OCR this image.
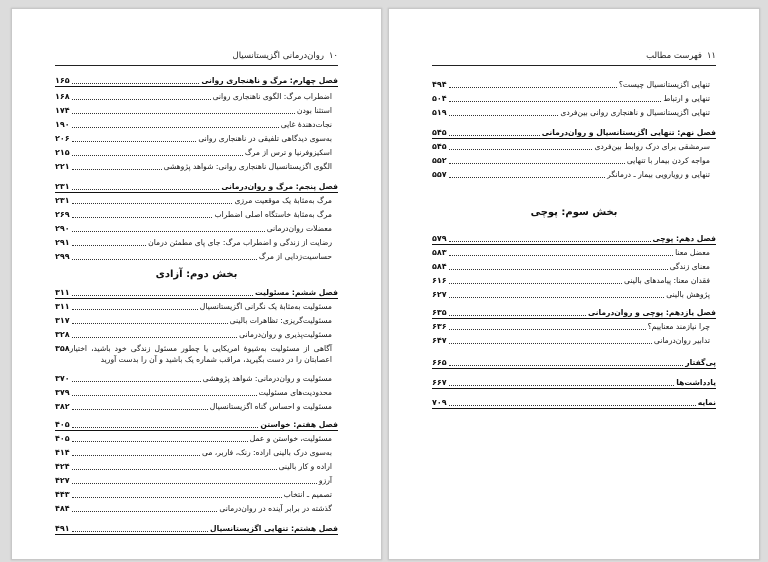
۱۰
روان‌درمانی اگزیستانسیال
فصل چهارم: مرگ و ناهنجاری روانی
۱۶۵
اضطراب مرگ: الگوی ناهنجاری روانی
۱۶۸
استثنا بودن
۱۷۴
نجات‌دهندهٔ غایی
۱۹۰
به‌سوی دیدگاهی تلفیقی در ناهنجاری روانی
۲۰۶
اسکیزوفرنیا و ترس از مرگ
۲۱۵
الگوی اگزیستانسیال ناهنجاری روانی: شواهد پژوهشی
۲۲۱
فصل پنجم: مرگ و روان‌درمانی
۲۳۱
مرگ به‌مثابهٔ یک موقعیت مرزی
۲۳۱
مرگ به‌مثابهٔ خاستگاه اصلی اضطراب
۲۶۹
معضلات روان‌درمانی
۲۹۰
رضایت از زندگی و اضطراب مرگ: جای پای مطمئن درمان
۲۹۱
حساسیت‌زدایی از مرگ
۲۹۹
بخش دوم: آزادی
فصل ششم: مسئولیت
۳۱۱
مسئولیت به‌مثابهٔ یک نگرانی اگزیستانسیال
۳۱۱
مسئولیت‌گریزی: تظاهرات بالینی
۳۱۷
مسئولیت‌پذیری و روان‌درمانی
۳۲۸
۳۵۸ آگاهی از مسئولیت به‌شیوهٔ امریکایی یا چطور مسئول زندگی خود باشید، اختیار اعصابتان را در دست بگیرید، مراقب شماره یک باشید و آن را بدست آورید
مسئولیت و روان‌درمانی: شواهد پژوهشی
۳۷۰
محدودیت‌های مسئولیت
۳۷۹
مسئولیت و احساس گناه اگزیستانسیال
۳۸۲
فصل هفتم: خواستن
۴۰۵
مسئولیت، خواستن و عمل
۴۰۵
به‌سوی درک بالینی اراده: رنک، فاربر، می
۴۱۴
اراده و کار بالینی
۴۲۴
آرزو
۴۲۷
تصمیم ـ انتخاب
۴۴۳
گذشته در برابر آینده در روان‌درمانی
۴۸۴
فصل هشتم: تنهایی اگزیستانسیال
۴۹۱
۱۱
فهرست مطالب
تنهایی اگزیستانسیال چیست؟
۴۹۴
تنهایی و ارتباط
۵۰۴
تنهایی اگزیستانسیال و ناهنجاری روانی بین‌فردی
۵۱۹
فصل نهم: تنهایی اگزیستانسیال و روان‌درمانی
۵۴۵
سرمشقی برای درک روابط بین‌فردی
۵۴۵
مواجه کردن بیمار با تنهایی
۵۵۲
تنهایی و رویارویی بیمار ـ درمانگر
۵۵۷
بخش سوم: پوچی
فصل دهم: پوچی
۵۷۹
معضل معنا
۵۸۳
معنای زندگی
۵۸۴
فقدان معنا: پیامدهای بالینی
۶۱۶
پژوهش بالینی
۶۲۷
فصل یازدهم: پوچی و روان‌درمانی
۶۳۵
چرا نیازمند معناییم؟
۶۳۶
تدابیر روان‌درمانی
۶۴۷
پی‌گفتار
۶۶۵
یادداشت‌ها
۶۶۷
نمایه
۷۰۹
